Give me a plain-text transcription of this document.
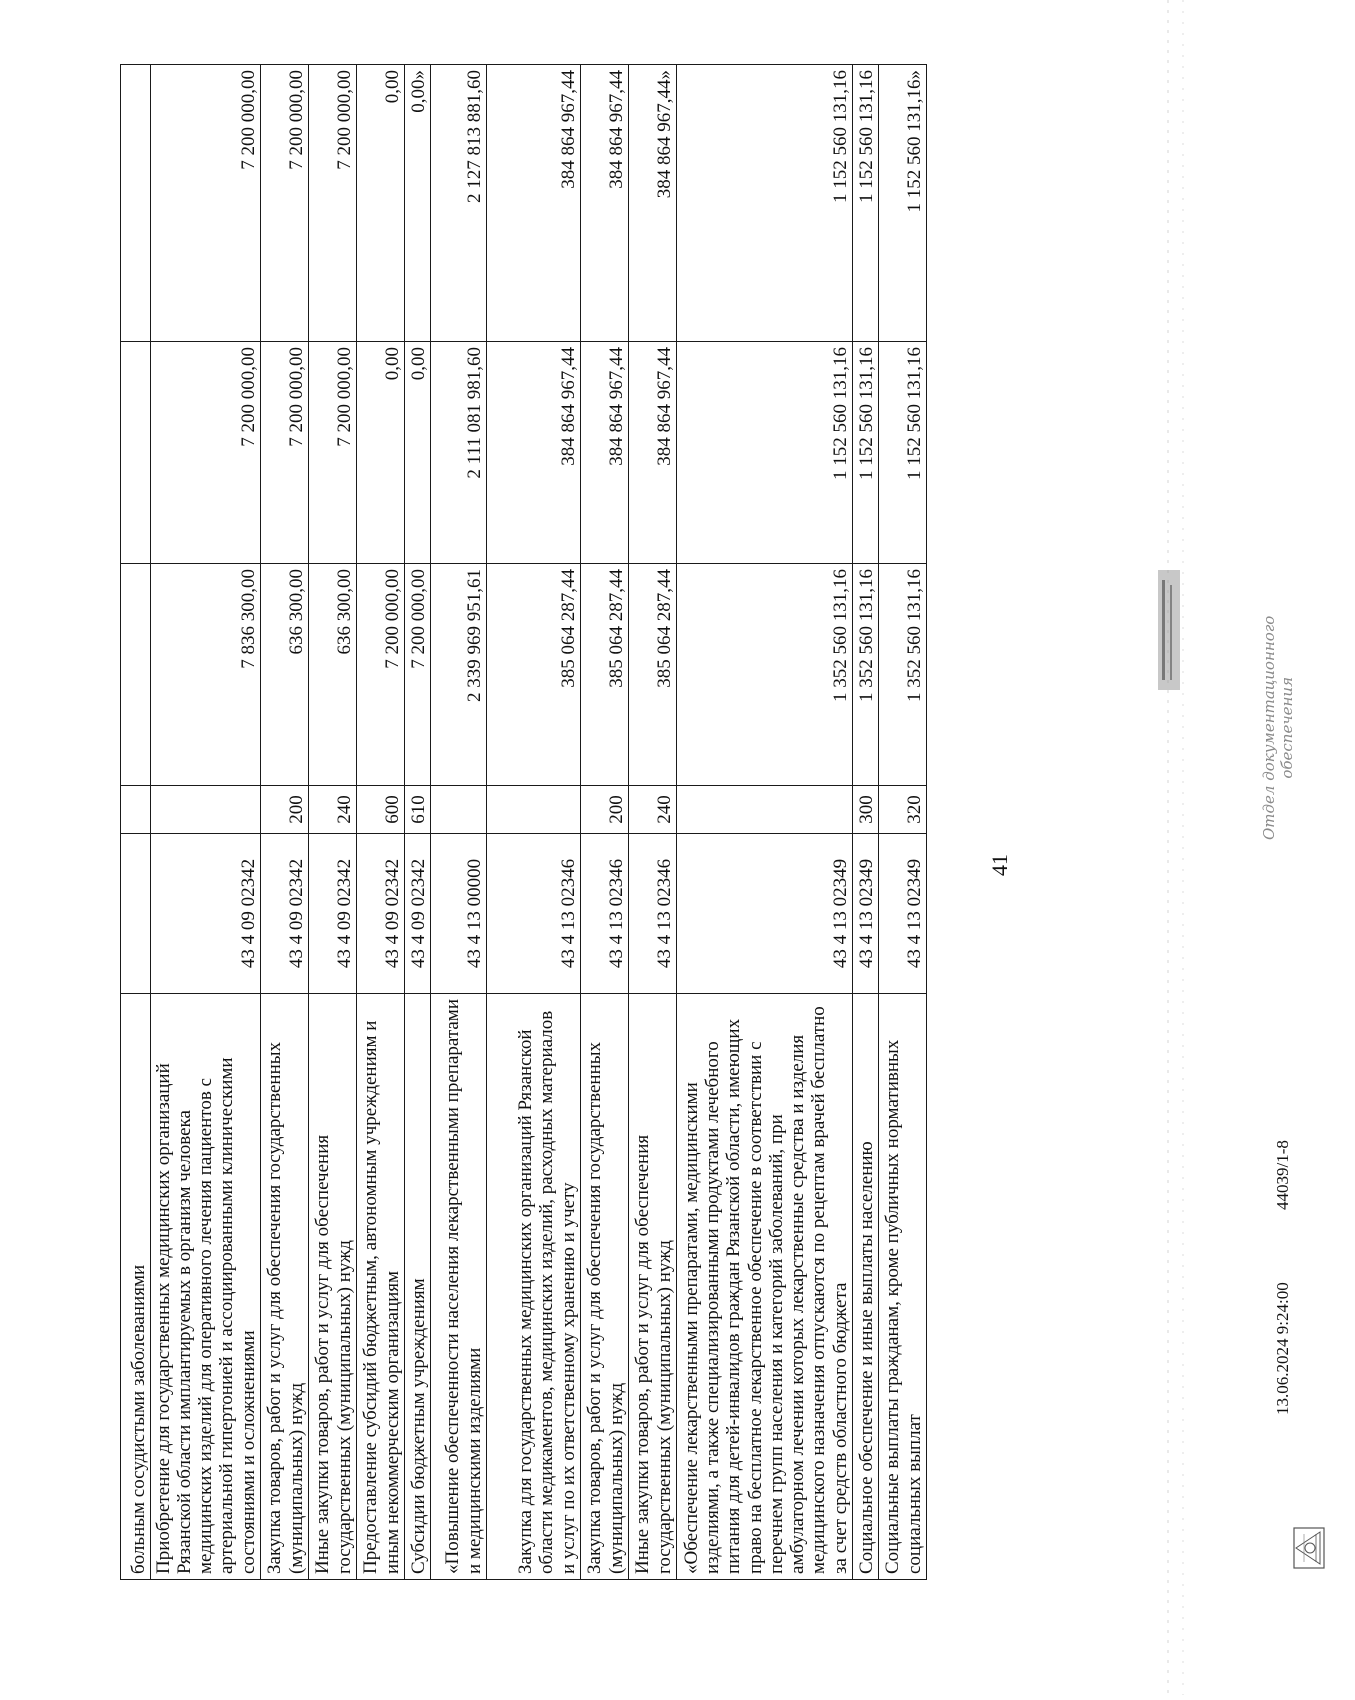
41
больным сосудистыми заболеваниями					
Приобретение для государственных медицинских организаций Рязанской области имплантируемых в организм человека медицинских изделий для оперативного лечения пациентов с артериальной гипертонией и ассоциированными клиническими состояниями и осложнениями	43 4 09 02342		7 836 300,00	7 200 000,00	7 200 000,00
Закупка товаров, работ и услуг для обеспечения государственных (муниципальных) нужд	43 4 09 02342	200	636 300,00	7 200 000,00	7 200 000,00
Иные закупки товаров, работ и услуг для обеспечения государственных (муниципальных) нужд	43 4 09 02342	240	636 300,00	7 200 000,00	7 200 000,00
Предоставление субсидий бюджетным, автономным учреждениям и иным некоммерческим организациям	43 4 09 02342	600	7 200 000,00	0,00	0,00
Субсидии бюджетным учреждениям	43 4 09 02342	610	7 200 000,00	0,00	0,00»
«Повышение обеспеченности населения лекарственными препаратами и медицинскими изделиями	43 4 13 00000		2 339 969 951,61	2 111 081 981,60	2 127 813 881,60
Закупка для государственных медицинских организаций Рязанской области медикаментов, медицинских изделий, расходных материалов и услуг по их ответственному хранению и учету	43 4 13 02346		385 064 287,44	384 864 967,44	384 864 967,44
Закупка товаров, работ и услуг для обеспечения государственных (муниципальных) нужд	43 4 13 02346	200	385 064 287,44	384 864 967,44	384 864 967,44
Иные закупки товаров, работ и услуг для обеспечения государственных (муниципальных) нужд	43 4 13 02346	240	385 064 287,44	384 864 967,44	384 864 967,44»
«Обеспечение лекарственными препаратами, медицинскими изделиями, а также специализированными продуктами лечебного питания для детей-инвалидов граждан Рязанской области, имеющих право на бесплатное лекарственное обеспечение в соответствии с перечнем групп населения и категорий заболеваний, при амбулаторном лечении которых лекарственные средства и изделия медицинского назначения отпускаются по рецептам врачей бесплатно за счет средств областного бюджета	43 4 13 02349		1 352 560 131,16	1 152 560 131,16	1 152 560 131,16
Социальное обеспечение и иные выплаты населению	43 4 13 02349	300	1 352 560 131,16	1 152 560 131,16	1 152 560 131,16
Социальные выплаты гражданам, кроме публичных нормативных социальных выплат	43 4 13 02349	320	1 352 560 131,16	1 152 560 131,16	1 152 560 131,16»
13.06.2024 9:24:00
44039/1-8
Отдел документационного обеспечения
